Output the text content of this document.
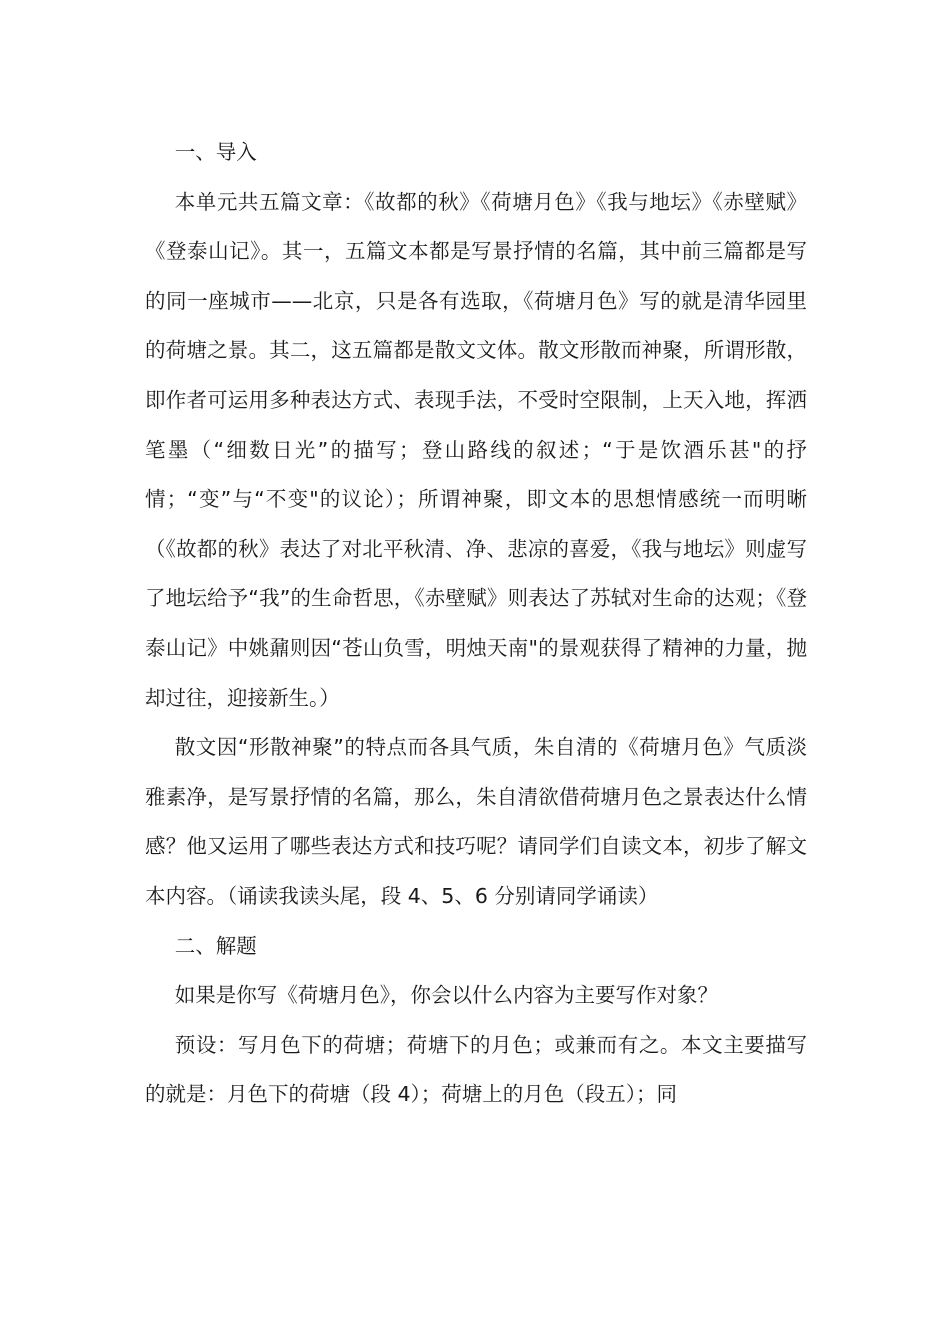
一、导入

本单元共五篇文章：《故都的秋》《荷塘月色》《我与地坛》《赤壁赋》《登泰山记》。其一，五篇文本都是写景抒情的名篇，其中前三篇都是写的同一座城市——北京，只是各有选取，《荷塘月色》写的就是清华园里的荷塘之景。其二，这五篇都是散文文体。散文形散而神聚，所谓形散，即作者可运用多种表达方式、表现手法，不受时空限制，上天入地，挥洒笔墨（“细数日光”的描写；登山路线的叙述；“于是饮酒乐甚"的抒情；“变”与“不变"的议论）；所谓神聚，即文本的思想情感统一而明晰（《故都的秋》表达了对北平秋清、净、悲凉的喜爱，《我与地坛》则虚写了地坛给予“我”的生命哲思，《赤壁赋》则表达了苏轼对生命的达观；《登泰山记》中姚鼐则因“苍山负雪，明烛天南"的景观获得了精神的力量，抛却过往，迎接新生。）

散文因“形散神聚”的特点而各具气质，朱自清的《荷塘月色》气质淡雅素净，是写景抒情的名篇，那么，朱自清欲借荷塘月色之景表达什么情感？他又运用了哪些表达方式和技巧呢？请同学们自读文本，初步了解文本内容。（诵读我读头尾，段 4、5、6 分别请同学诵读）

二、解题

如果是你写《荷塘月色》，你会以什么内容为主要写作对象？

预设：写月色下的荷塘；荷塘下的月色；或兼而有之。本文主要描写的就是：月色下的荷塘（段 4）；荷塘上的月色（段五）；同
